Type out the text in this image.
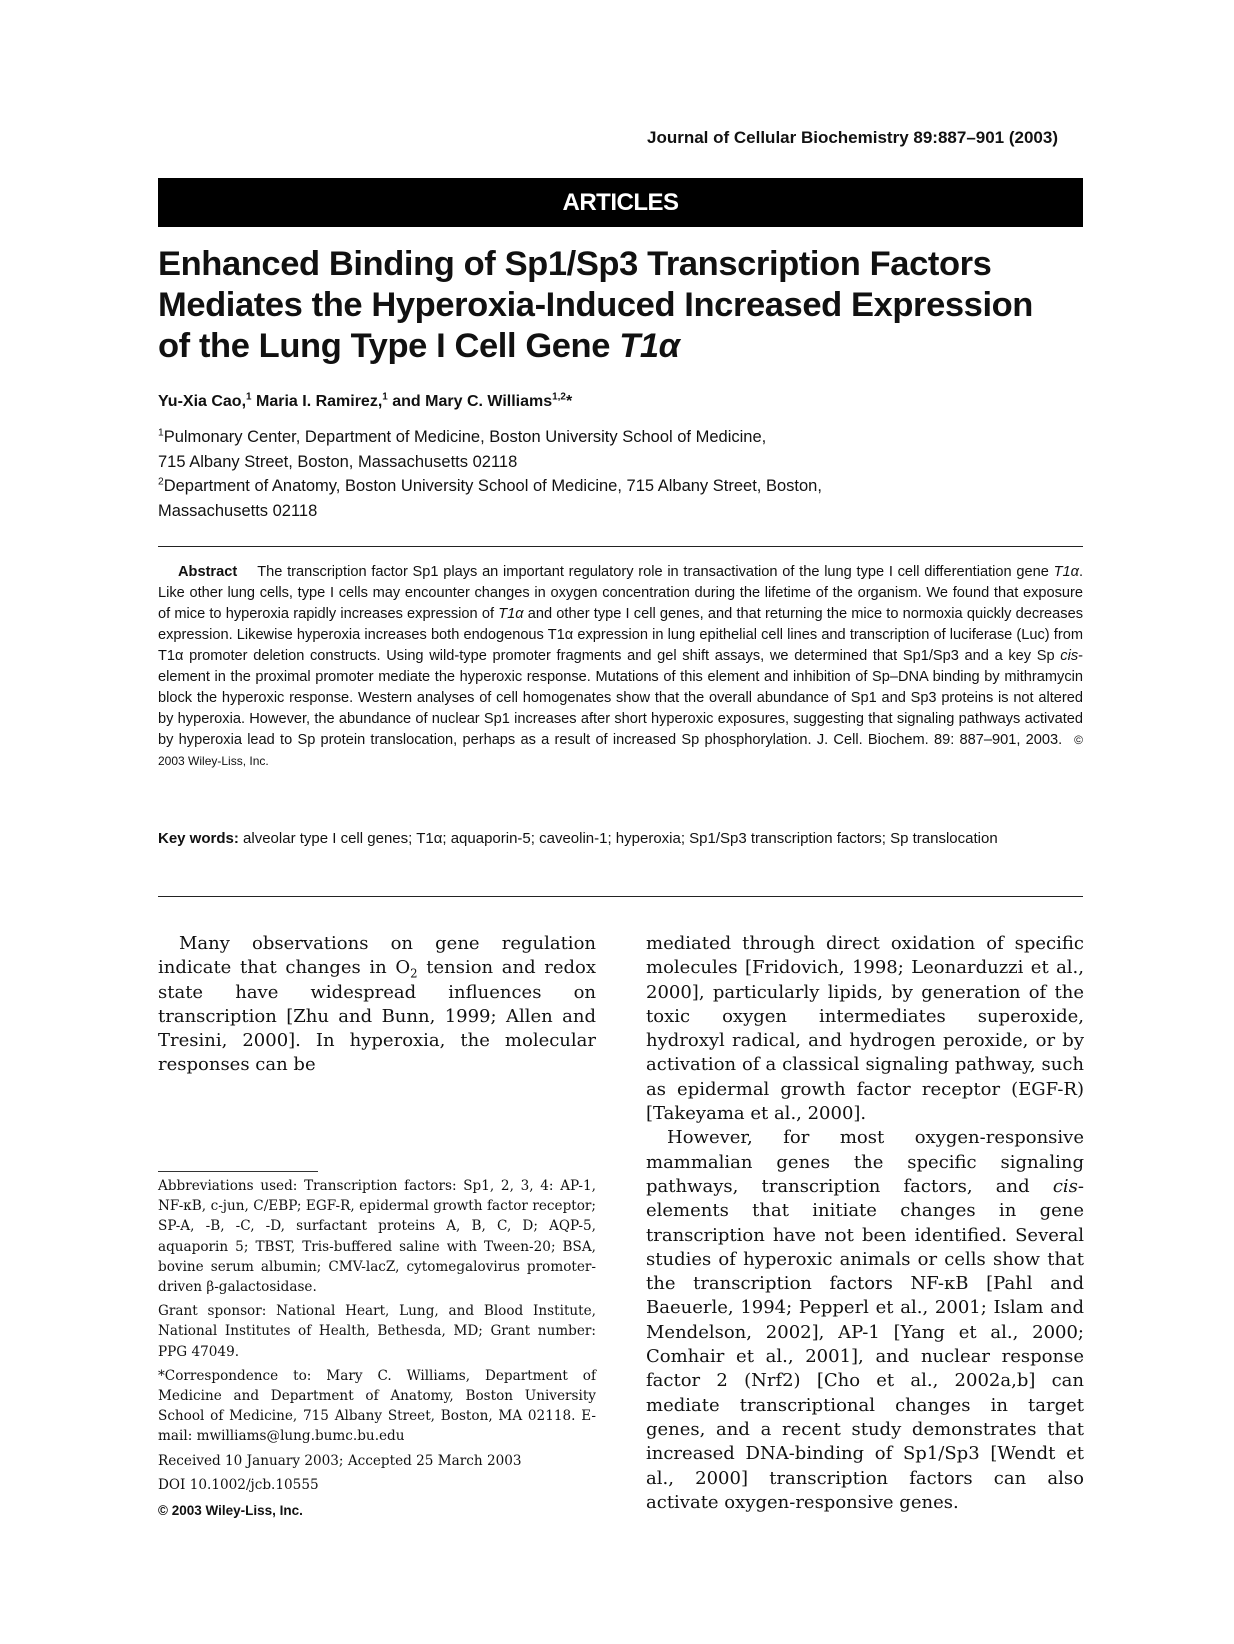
Journal of Cellular Biochemistry 89:887–901 (2003)
ARTICLES
Enhanced Binding of Sp1/Sp3 Transcription Factors
Mediates the Hyperoxia-Induced Increased Expression
of the Lung Type I Cell Gene T1α
Yu-Xia Cao,$^1$ Maria I. Ramirez,$^1$ and Mary C. Williams$^{1,2}$*
$^1$Pulmonary Center, Department of Medicine, Boston University School of Medicine,
715 Albany Street, Boston, Massachusetts 02118
$^2$Department of Anatomy, Boston University School of Medicine, 715 Albany Street, Boston,
Massachusetts 02118

Abstract The transcription factor Sp1 plays an important regulatory role in transactivation of the lung type I cell differentiation gene T1α. Like other lung cells, type I cells may encounter changes in oxygen concentration during the lifetime of the organism. We found that exposure of mice to hyperoxia rapidly increases expression of T1α and other type I cell genes, and that returning the mice to normoxia quickly decreases expression. Likewise hyperoxia increases both endogenous T1α expression in lung epithelial cell lines and transcription of luciferase (Luc) from T1α promoter deletion constructs. Using wild-type promoter fragments and gel shift assays, we determined that Sp1/Sp3 and a key Sp cis-element in the proximal promoter mediate the hyperoxic response. Mutations of this element and inhibition of Sp–DNA binding by mithramycin block the hyperoxic response. Western analyses of cell homogenates show that the overall abundance of Sp1 and Sp3 proteins is not altered by hyperoxia. However, the abundance of nuclear Sp1 increases after short hyperoxic exposures, suggesting that signaling pathways activated by hyperoxia lead to Sp protein translocation, perhaps as a result of increased Sp phosphorylation. J. Cell. Biochem. 89: 887–901, 2003. © 2003 Wiley-Liss, Inc.

Key words: alveolar type I cell genes; T1α; aquaporin-5; caveolin-1; hyperoxia; Sp1/Sp3 transcription factors; Sp translocation

Many observations on gene regulation indicate that changes in $O_2$ tension and redox state have widespread influences on transcription [Zhu and Bunn, 1999; Allen and Tresini, 2000]. In hyperoxia, the molecular responses can be

Abbreviations used: Transcription factors: Sp1, 2, 3, 4: AP-1, NF-κB, c-jun, C/EBP; EGF-R, epidermal growth factor receptor; SP-A, -B, -C, -D, surfactant proteins A, B, C, D; AQP-5, aquaporin 5; TBST, Tris-buffered saline with Tween-20; BSA, bovine serum albumin; CMV-lacZ, cytomegalovirus promoter-driven β-galactosidase.

Grant sponsor: National Heart, Lung, and Blood Institute, National Institutes of Health, Bethesda, MD; Grant number: PPG 47049.

*Correspondence to: Mary C. Williams, Department of Medicine and Department of Anatomy, Boston University School of Medicine, 715 Albany Street, Boston, MA 02118. E-mail: mwilliams@lung.bumc.bu.edu

Received 10 January 2003; Accepted 25 March 2003

DOI 10.1002/jcb.10555

© 2003 Wiley-Liss, Inc.

mediated through direct oxidation of specific molecules [Fridovich, 1998; Leonarduzzi et al., 2000], particularly lipids, by generation of the toxic oxygen intermediates superoxide, hydroxyl radical, and hydrogen peroxide, or by activation of a classical signaling pathway, such as epidermal growth factor receptor (EGF-R) [Takeyama et al., 2000].

However, for most oxygen-responsive mammalian genes the specific signaling pathways, transcription factors, and cis-elements that initiate changes in gene transcription have not been identified. Several studies of hyperoxic animals or cells show that the transcription factors NF-κB [Pahl and Baeuerle, 1994; Pepperl et al., 2001; Islam and Mendelson, 2002], AP-1 [Yang et al., 2000; Comhair et al., 2001], and nuclear response factor 2 (Nrf2) [Cho et al., 2002a,b] can mediate transcriptional changes in target genes, and a recent study demonstrates that increased DNA-binding of Sp1/Sp3 [Wendt et al., 2000] transcription factors can also activate oxygen-responsive genes.
